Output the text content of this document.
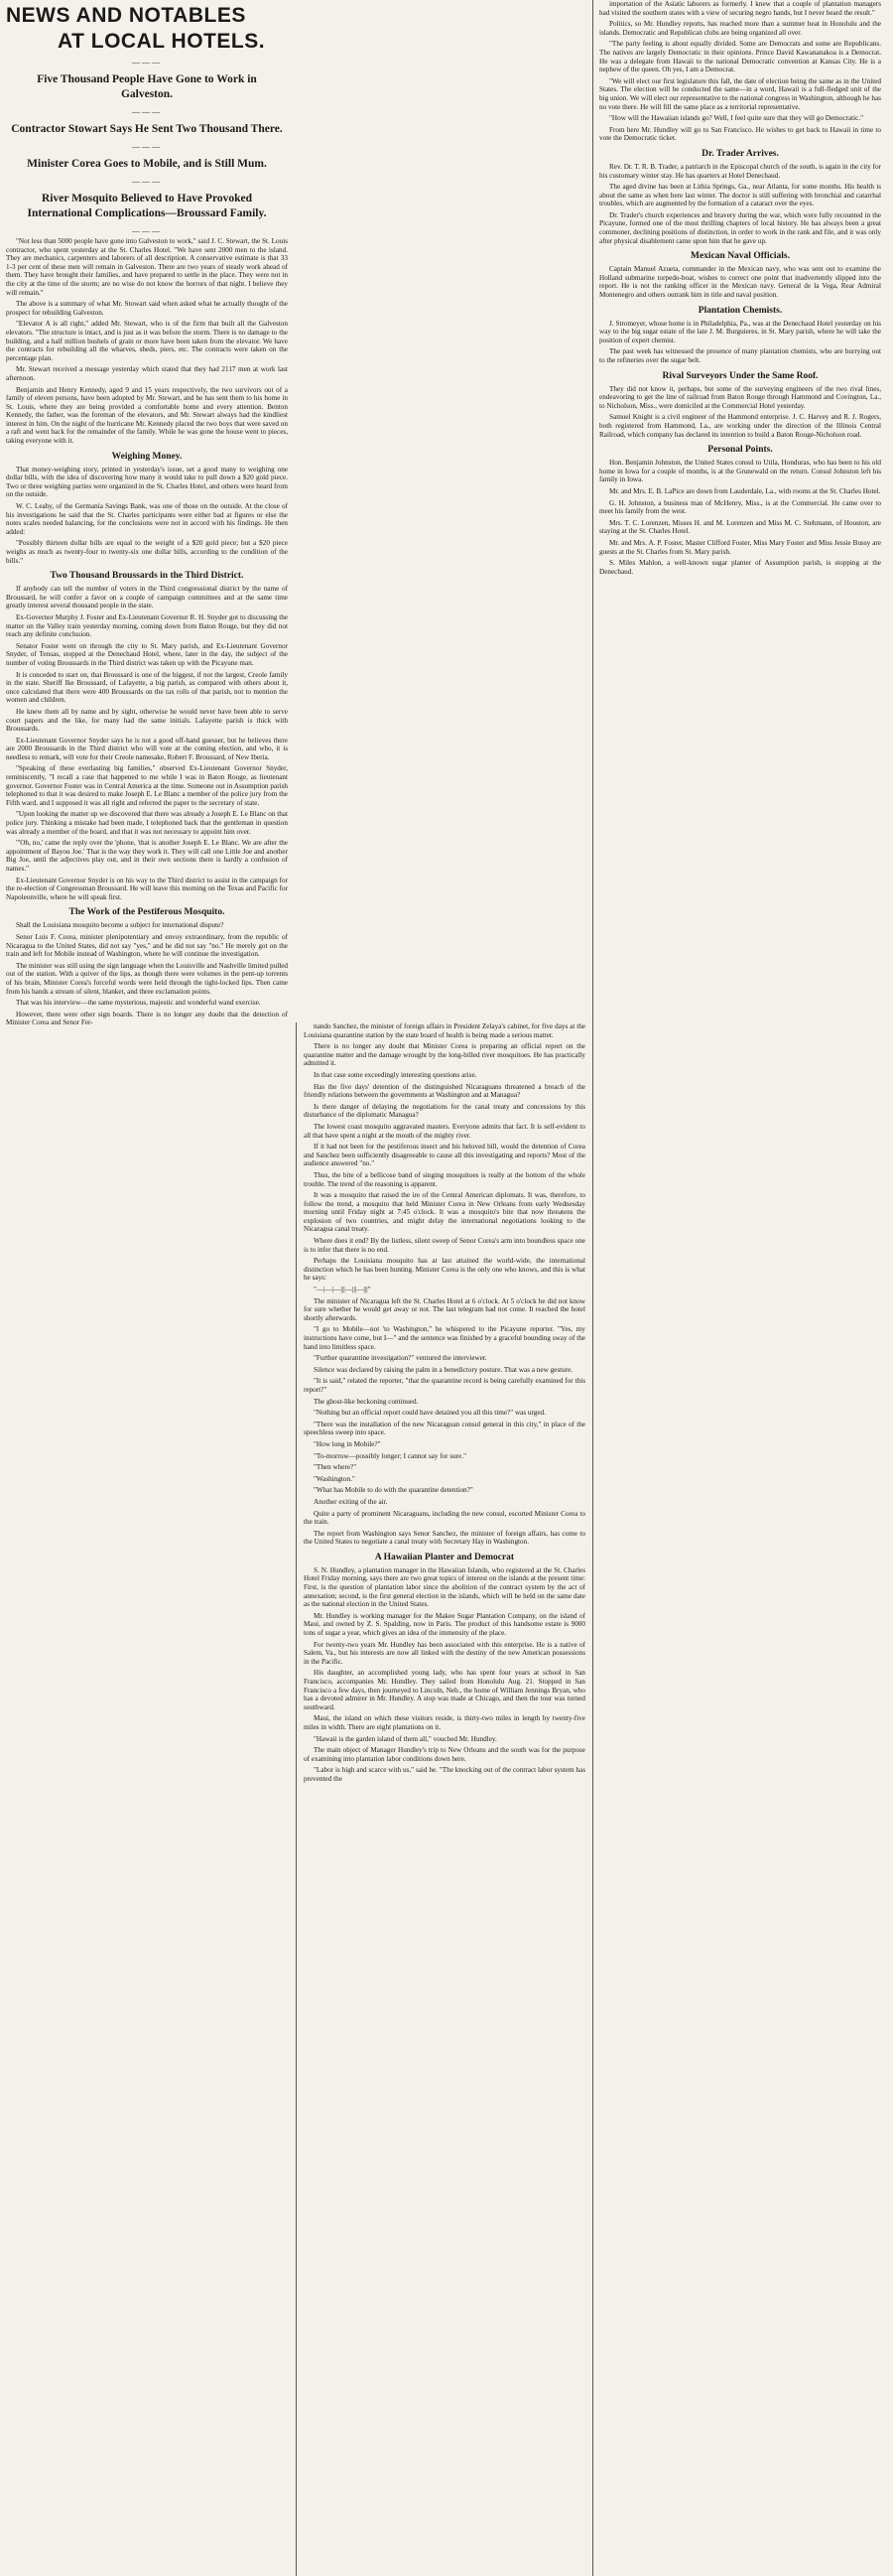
NEWS AND NOTABLES
AT LOCAL HOTELS.
———
Five Thousand People Have Gone to Work in Galveston.
———
Contractor Stowart Says He Sent Two Thousand There.
———
Minister Corea Goes to Mobile, and is Still Mum.
———
River Mosquito Believed to Have Provoked International Complications—Broussard Family.
———

"Not less than 5000 people have gone into Galveston to work," said J. C. Stewart, the St. Louis contractor, who spent yesterday at the St. Charles Hotel. "We have sent 2000 men to the island. They are mechanics, carpenters and laborers of all description. A conservative estimate is that 33 1-3 per cent of these men will remain in Galveston. There are two years of steady work ahead of them. They have brought their families, and have prepared to settle in the place. They were not in the city at the time of the storm; are no wise do not know the horrors of that night. I believe they will remain."

The above is a summary of what Mr. Stowart said when asked what he actually thought of the prospect for rebuilding Galveston.

"Elevator A is all right," added Mr. Stewart, who is of the firm that built all the Galveston elevators. "The structure is intact, and is just as it was before the storm. There is no damage to the building, and a half million bushels of grain or more have been taken from the elevator. We have the contracts for rebuilding all the wharves, sheds, piers, etc. The contracts were taken on the percentage plan.

Mr. Stewart received a message yesterday which stated that they had 2117 men at work last afternoon.

Benjamin and Henry Kennedy, aged 9 and 15 years respectively, the two survivors out of a family of eleven persons, have been adopted by Mr. Stewart, and he has sent them to his home in St. Louis, where they are being provided a comfortable home and every attention. Benton Kennedy, the father, was the foreman of the elevators, and Mr. Stewart always had the kindliest interest in him. On the night of the hurricane Mr. Kennedy placed the two boys that were saved on a raft and went back for the remainder of the family. While he was gone the house went to pieces, taking everyone with it.

Weighing Money.

That money-weighing story, printed in yesterday's issue, set a good many to weighing one dollar bills, with the idea of discovering how many it would take to pull down a $20 gold piece. Two or three weighing parties were organized in the St. Charles Hotel, and others were heard from on the outside.

W. C. Leahy, of the Germania Savings Bank, was one of those on the outside. At the close of his investigations he said that the St. Charles participants were either bad at figures or else the notes scales needed balancing, for the conclusions were not in accord with his findings. He then added:

"Possibly thirteen dollar bills are equal to the weight of a $20 gold piece; but a $20 piece weighs as much as twenty-four to twenty-six one dollar bills, according to the condition of the bills."

Two Thousand Broussards in the Third District.

If anybody can tell the number of voters in the Third congressional district by the name of Broussard, he will confer a favor on a couple of campaign committees and at the same time greatly interest several thousand people in the state.

Ex-Governor Murphy J. Foster and Ex-Lieutenant Governor R. H. Snyder got to discussing the matter on the Valley train yesterday morning, coming down from Baton Rouge, but they did not reach any definite conclusion.

Senator Foster went on through the city to St. Mary parish, and Ex-Lieutenant Governor Snyder, of Tensas, stopped at the Denechaud Hotel, where, later in the day, the subject of the number of voting Broussards in the Third district was taken up with the Picayune man.

It is conceded to start on, that Broussard is one of the biggest, if not the largest, Creole family in the state. Sheriff Ike Broussard, of Lafayette, a big parish, as compared with others about it, once calculated that there were 400 Broussards on the tax rolls of that parish, not to mention the women and children.

He knew them all by name and by sight, otherwise he would never have been able to serve court papers and the like, for many had the same initials. Lafayette parish is thick with Broussards.

Ex-Lieutenant Governor Snyder says he is not a good off-hand guesser, but he believes there are 2000 Broussards in the Third district who will vote at the coming election, and who, it is needless to remark, will vote for their Creole namesake, Robert F. Broussard, of New Iberia.

"Speaking of these everlasting big families," observed Ex-Lieutenant Governor Snyder, reminiscently, "I recall a case that happened to me while I was in Baton Rouge, as lieutenant governor. Governor Foster was in Central America at the time. Someone out in Assumption parish telephoned to that it was desired to make Joseph E. Le Blanc a member of the police jury from the Fifth ward, and I supposed it was all right and referred the paper to the secretary of state.

"Upon looking the matter up we discovered that there was already a Joseph E. Le Blanc on that police jury. Thinking a mistake had been made, I telephoned back that the gentleman in question was already a member of the board, and that it was not necessary to appoint him over.

"'Oh, no,' came the reply over the 'phone, 'that is another Joseph E. Le Blanc. We are after the appointment of Bayou Joe.' That is the way they work it. They will call one Little Joe and another Big Joe, until the adjectives play out, and in their own sections there is hardly a confusion of names."

Ex-Lieutenant Governor Snyder is on his way to the Third district to assist in the campaign for the re-election of Congressman Broussard. He will leave this morning on the Texas and Pacific for Napoleonville, where he will speak first.

The Work of the Pestiferous Mosquito.

Shall the Louisiana mosquito become a subject for international dispute?

Senor Luis F. Corea, minister plenipotentiary and envoy extraordinary, from the republic of Nicaragua to the United States, did not say "yes," and he did not say "no." He merely got on the train and left for Mobile instead of Washington, where he will continue the investigation.

The minister was still using the sign language when the Louisville and Nashville limited pulled out of the station. With a quiver of the lips, as though there were volumes in the pent-up torrents of his brain, Minister Corea's forceful words were held through the tight-locked lips. Then came from his hands a stream of silent, blanket, and three exclamation points.

That was his interview—the same mysterious, majestic and wonderful wand exercise.

However, there were other sign boards. There is no longer any doubt that the detection of Minister Corea and Senor Fer-	nando Sanchez, the minister of foreign affairs in President Zelaya's cabinet, for five days at the Louisiana quarantine station by the state board of health is being made a serious matter.

There is no longer any doubt that Minister Corea is preparing an official report on the quarantine matter and the damage wrought by the long-billed river mosquitoes. He has practically admitted it.

In that case some exceedingly interesting questions arise.

Has the five days' detention of the distinguished Nicaraguans threatened a breach of the friendly relations between the governments at Washington and at Managua?

Is there danger of delaying the negotiations for the canal treaty and concessions by this disturbance of the diplomatic Managua?

The lowest coast mosquito aggravated masters. Everyone admits that fact. It is self-evident to all that have spent a night at the mouth of the mighty river.

If it had not been for the pestiferous insect and his beloved bill, would the detention of Corea and Sanchez been sufficiently disagreeable to cause all this investigating and reports? Most of the audience answered "no."

Thus, the bite of a bellicose band of singing mosquitoes is really at the bottom of the whole trouble. The trend of the reasoning is apparent.

It was a mosquito that raised the ire of the Central American diplomats. It was, therefore, to follow the trend, a mosquito that held Minister Corea in New Orleans from early Wednesday morning until Friday night at 7:45 o'clock. It was a mosquito's bite that now threatens the explosion of two countries, and might delay the international negotiations looking to the Nicaragua canal treaty.

Where does it end? By the listless, silent sweep of Senor Corea's arm into boundless space one is to infer that there is no end.

Perhaps the Louisiana mosquito has at last attained the world-wide, the international distinction which he has been hunting. Minister Corea is the only one who knows, and this is what he says:

"—|—|—|||—|||—|||"

The minister of Nicaragua left the St. Charles Hotel at 6 o'clock. At 5 o'clock he did not know for sure whether he would get away or not. The last telegram had not come. It reached the hotel shortly afterwards.

"I go to Mobile—not 'to Washington," he whispered to the Picayune reporter. "Yes, my instructions have come, but I—" and the sentence was finished by a graceful bounding sway of the hand into limitless space.

"Further quarantine investigation?" ventured the interviewer.

Silence was declared by raising the palm in a benedictory posture. That was a new gesture.

"It is said," related the reporter, "that the quarantine record is being carefully examined for this report?"

The ghost-like beckoning continued.

"Nothing but an official report could have detained you all this time?" was urged.

"There was the installation of the new Nicaraguan consul general in this city," in place of the speechless sweep into space.

"How long in Mobile?"

"To-morrow—possibly longer; I cannot say for sure."

"Then where?"

"Washington."

"What has Mobile to do with the quarantine detention?"

Another exiting of the air.

Quite a party of prominent Nicaraguans, including the new consul, escorted Minister Corea to the train.

The report from Washington says Senor Sanchez, the minister of foreign affairs, has come to the United States to negotiate a canal treaty with Secretary Hay in Washington.

A Hawaiian Planter and Democrat

S. N. Hundley, a plantation manager in the Hawaiian Islands, who registered at the St. Charles Hotel Friday morning, says there are two great topics of interest on the islands at the present time: First, is the question of plantation labor since the abolition of the contract system by the act of annexation; second, is the first general election in the islands, which will be held on the same date as the national election in the United States.

Mr. Hundley is working manager for the Makee Sugar Plantation Company, on the island of Maui, and owned by Z. S. Spalding, now in Paris. The product of this handsome estate is 9000 tons of sugar a year, which gives an idea of the immensity of the place.

For twenty-two years Mr. Hundley has been associated with this enterprise. He is a native of Salem, Va., but his interests are now all linked with the destiny of the new American possessions in the Pacific.

His daughter, an accomplished young lady, who has spent four years at school in San Francisco, accompanies Mr. Hundley. They sailed from Honolulu Aug. 21. Stopped in San Francisco a few days, then journeyed to Lincoln, Neb., the home of William Jennings Bryan, who has a devoted admirer in Mr. Hundley. A stop was made at Chicago, and then the tour was turned southward.

Maui, the island on which these visitors reside, is thirty-two miles in length by twenty-five miles in width. There are eight plantations on it.

"Hawaii is the garden island of them all," vouched Mr. Hundley.

The main object of Manager Hundley's trip to New Orleans and the south was for the purpose of examining into plantation labor conditions down here.

"Labor is high and scarce with us," said he. "The knocking out of the contract labor system has prevented the

importation of the Asiatic laborers as formerly. I knew that a couple of plantation managers had visited the southern states with a view of securing negro hands, but I never heard the result."

Politics, so Mr. Hundley reports, has reached more than a summer heat in Honolulu and the islands. Democratic and Republican clubs are being organized all over.

"The party feeling is about equally divided. Some are Democrats and some are Republicans. The natives are largely Democratic in their opinions. Prince David Kawananakoa is a Democrat. He was a delegate from Hawaii to the national Democratic convention at Kansas City. He is a nephew of the queen. Oh yes, I am a Democrat.

"We will elect our first legislature this fall, the date of election being the same as in the United States. The election will be conducted the same—in a word, Hawaii is a full-fledged unit of the big union. We will elect our representative to the national congress in Washington, although he has no vote there. He will fill the same place as a territorial representative.

"How will the Hawaiian islands go? Well, I feel quite sure that they will go Democratic."

From here Mr. Hundley will go to San Francisco. He wishes to get back to Hawaii in time to vote the Democratic ticket.

Dr. Trader Arrives.

Rev. Dr. T. R. B. Trader, a patriarch in the Episcopal church of the south, is again in the city for his customary winter stay. He has quarters at Hotel Denechaud.

The aged divine has been at Lithia Springs, Ga., near Atlanta, for some months. His health is about the same as when here last winter. The doctor is still suffering with bronchial and catarrhal troubles, which are augmented by the formation of a cataract over the eyes.

Dr. Trader's church experiences and bravery during the war, which were fully recounted in the Picayune, formed one of the most thrilling chapters of local history. He has always been a great commoner, declining positions of distinction, in order to work in the rank and file, and it was only after physical disablement came upon him that he gave up.

Mexican Naval Officials.

Captain Manuel Azueta, commander in the Mexican navy, who was sent out to examine the Holland submarine torpedo-boat, wishes to correct one point that inadvertently slipped into the report. He is not the ranking officer in the Mexican navy. General de la Vega, Rear Admiral Montenegro and others outrank him in title and naval position.

Plantation Chemists.

J. Stromeyer, whose home is in Philadelphia, Pa., was at the Denechaud Hotel yesterday on his way to the big sugar estate of the late J. M. Burguieres, in St. Mary parish, where he will take the position of expert chemist.

The past week has witnessed the presence of many plantation chemists, who are hurrying out to the refineries over the sugar belt.

Rival Surveyors Under the Same Roof.

They did not know it, perhaps, but some of the surveying engineers of the two rival lines, endeavoring to get the line of railroad from Baton Rouge through Hammond and Covington, La., to Nicholson, Miss., were domiciled at the Commercial Hotel yesterday.

Samuel Knight is a civil engineer of the Hammond enterprise. J. C. Harvey and R. J. Rogers, both registered from Hammond, La., are working under the direction of the Illinois Central Railroad, which company has declared its intention to build a Baton Rouge-Nicholson road.

Personal Points.

Hon. Benjamin Johnston, the United States consul to Utila, Honduras, who has been to his old home in Iowa for a couple of months, is at the Grunewald on the return. Consul Johnston left his family in Iowa.

Mr. and Mrs. E. B. LaPice are down from Lauderdale, La., with rooms at the St. Charles Hotel.

G. H. Johnston, a business man of McHenry, Miss., is at the Commercial. He came over to meet his family from the west.

Mrs. T. C. Lorenzen, Misses H. and M. Lorenzen and Miss M. C. Stehmann, of Houston, are staying at the St. Charles Hotel.

Mr. and Mrs. A. P. Foster, Master Clifford Foster, Miss Mary Foster and Miss Jessie Bussy are guests at the St. Charles from St. Mary parish.

S. Miles Mahlon, a well-known sugar planter of Assumption parish, is stopping at the Denechaud.
